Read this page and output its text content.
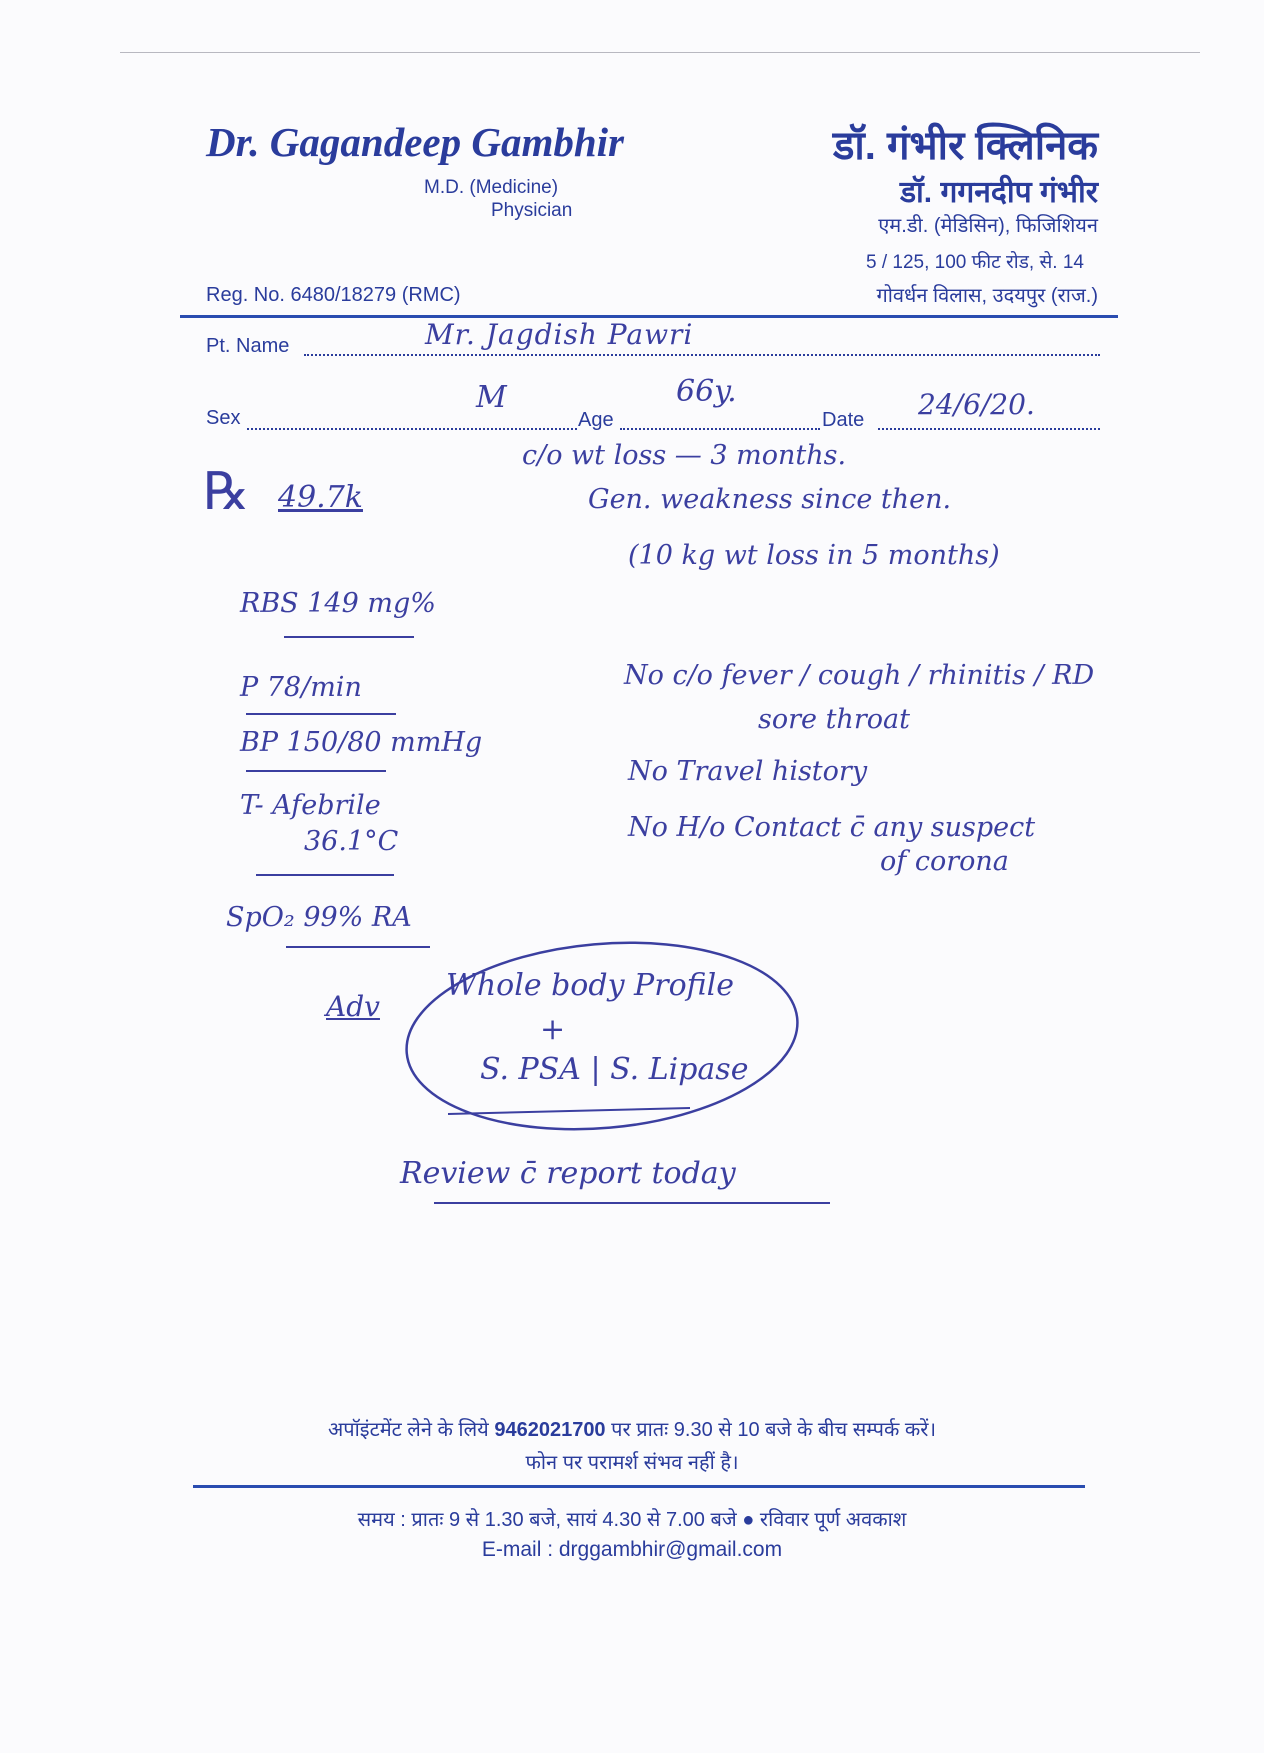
Dr. Gagandeep Gambhir
M.D. (Medicine)
Physician
Reg. No. 6480/18279 (RMC)
डॉ. गंभीर क्लिनिक
डॉ. गगनदीप गंभीर
एम.डी. (मेडिसिन), फिजिशियन
5 / 125, 100 फीट रोड, से. 14
गोवर्धन विलास, उदयपुर (राज.)
Pt. Name	Mr. Jagdish Pawri
Sex
M
Age
66y.
Date 24/6/20.
℞ 49.7k
c/o wt loss — 3 months.
Gen. weakness since then.
(10 kg wt loss in 5 months)
RBS 149 mg%
P 78/min
BP 150/80 mmHg
T- Afebrile
36.1°C
SpO₂ 99% RA
No c/o fever / cough / rhinitis / RD
sore throat
No Travel history
No H/o Contact c̄ any suspect
of corona
Adv
Whole body Profile
+
S. PSA | S. Lipase
Review c̄ report today
अपॉइंटमेंट लेने के लिये 9462021700 पर प्रातः 9.30 से 10 बजे के बीच सम्पर्क करें।
फोन पर परामर्श संभव नहीं है।
समय : प्रातः 9 से 1.30 बजे, सायं 4.30 से 7.00 बजे ● रविवार पूर्ण अवकाश
E-mail : drggambhir@gmail.com
